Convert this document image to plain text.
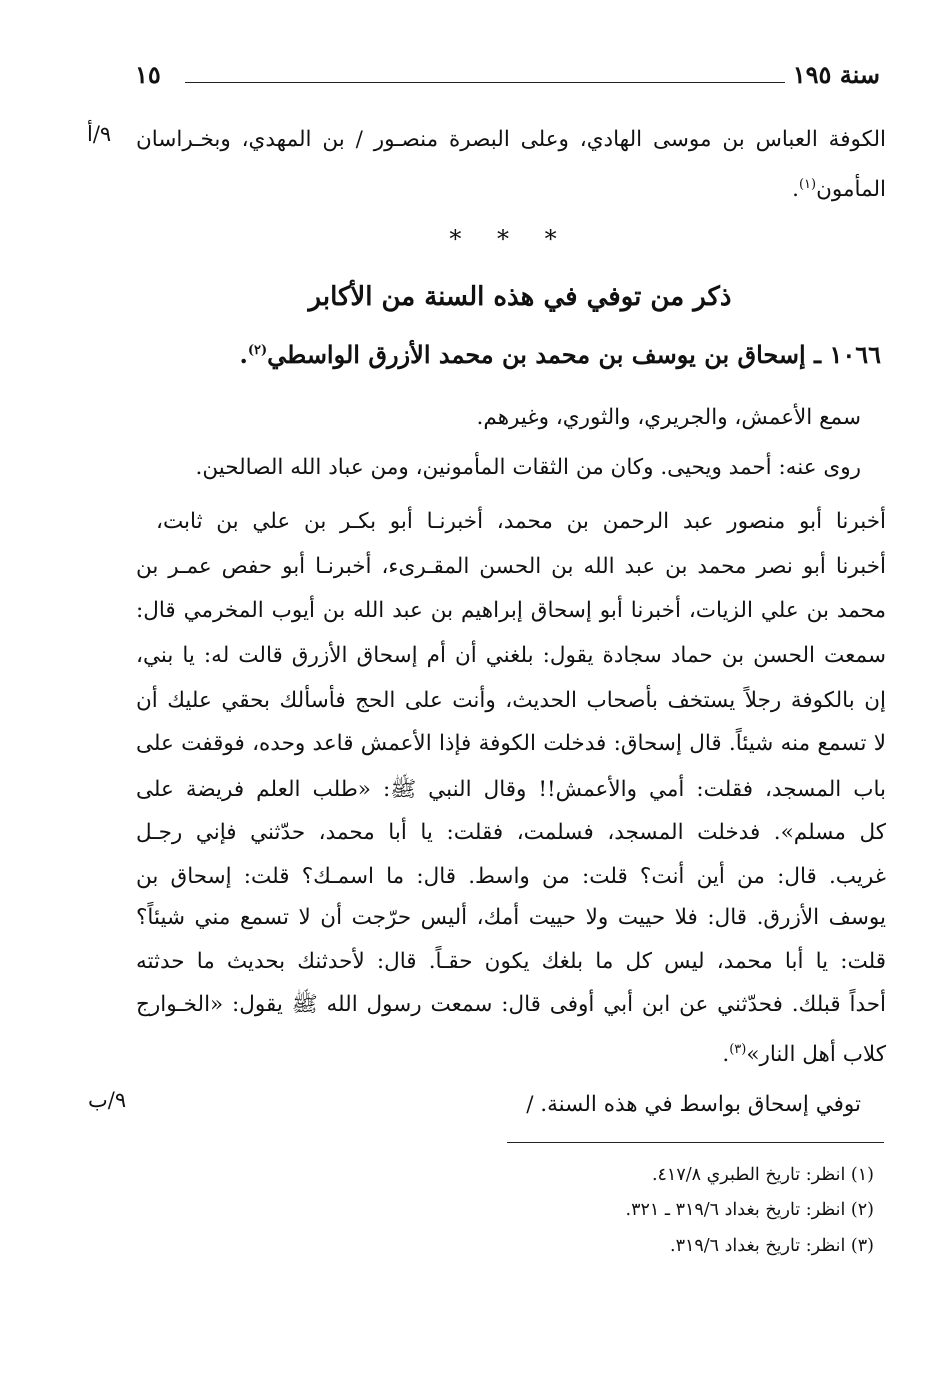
سنة ١٩٥
١٥
الكوفة العباس بن موسى الهادي، وعلى البصرة منصـور / بن المهدي، وبخـراسان
٩/أ
المأمون$^{(١)}$.
* * *
ذكر من توفي في هذه السنة من الأكابر
١٠٦٦ ـ إسحاق بن يوسف بن محمد بن محمد الأزرق الواسطي$^{(٢)}$.
سمع الأعمش، والجريري، والثوري، وغيرهم.
روى عنه: أحمد ويحيى. وكان من الثقات المأمونين، ومن عباد الله الصالحين.
أخبرنا أبو منصور عبد الرحمن بن محمد، أخبرنـا أبو بكـر بن علي بن ثابت،
أخبرنا أبو نصر محمد بن عبد الله بن الحسن المقـرىء، أخبرنـا أبو حفص عمـر بن
محمد بن علي الزيات، أخبرنا أبو إسحاق إبراهيم بن عبد الله بن أيوب المخرمي قال:
سمعت الحسن بن حماد سجادة يقول: بلغني أن أم إسحاق الأزرق قالت له: يا بني،
إن بالكوفة رجلاً يستخف بأصحاب الحديث، وأنت على الحج فأسألك بحقي عليك أن
لا تسمع منه شيئاً. قال إسحاق: فدخلت الكوفة فإذا الأعمش قاعد وحده، فوقفت على
باب المسجد، فقلت: أمي والأعمش!! وقال النبي ﷺ: «طلب العلم فريضة على
كل مسلم». فدخلت المسجد، فسلمت، فقلت: يا أبا محمد، حدّثني فإني رجـل
غريب. قال: من أين أنت؟ قلت: من واسط. قال: ما اسمـك؟ قلت: إسحاق بن
يوسف الأزرق. قال: فلا حييت ولا حييت أمك، أليس حرّجت أن لا تسمع مني شيئاً؟
قلت: يا أبا محمد، ليس كل ما بلغك يكون حقـاً. قال: لأحدثنك بحديث ما حدثته
أحداً قبلك. فحدّثني عن ابن أبي أوفى قال: سمعت رسول الله ﷺ يقول: «الخـوارج
كلاب أهل النار»$^{(٣)}$.
توفي إسحاق بواسط في هذه السنة. /
٩/ب
(١) انظر: تاريخ الطبري ٤١٧/٨.
(٢) انظر: تاريخ بغداد ٣١٩/٦ ـ ٣٢١.
(٣) انظر: تاريخ بغداد ٣١٩/٦.
